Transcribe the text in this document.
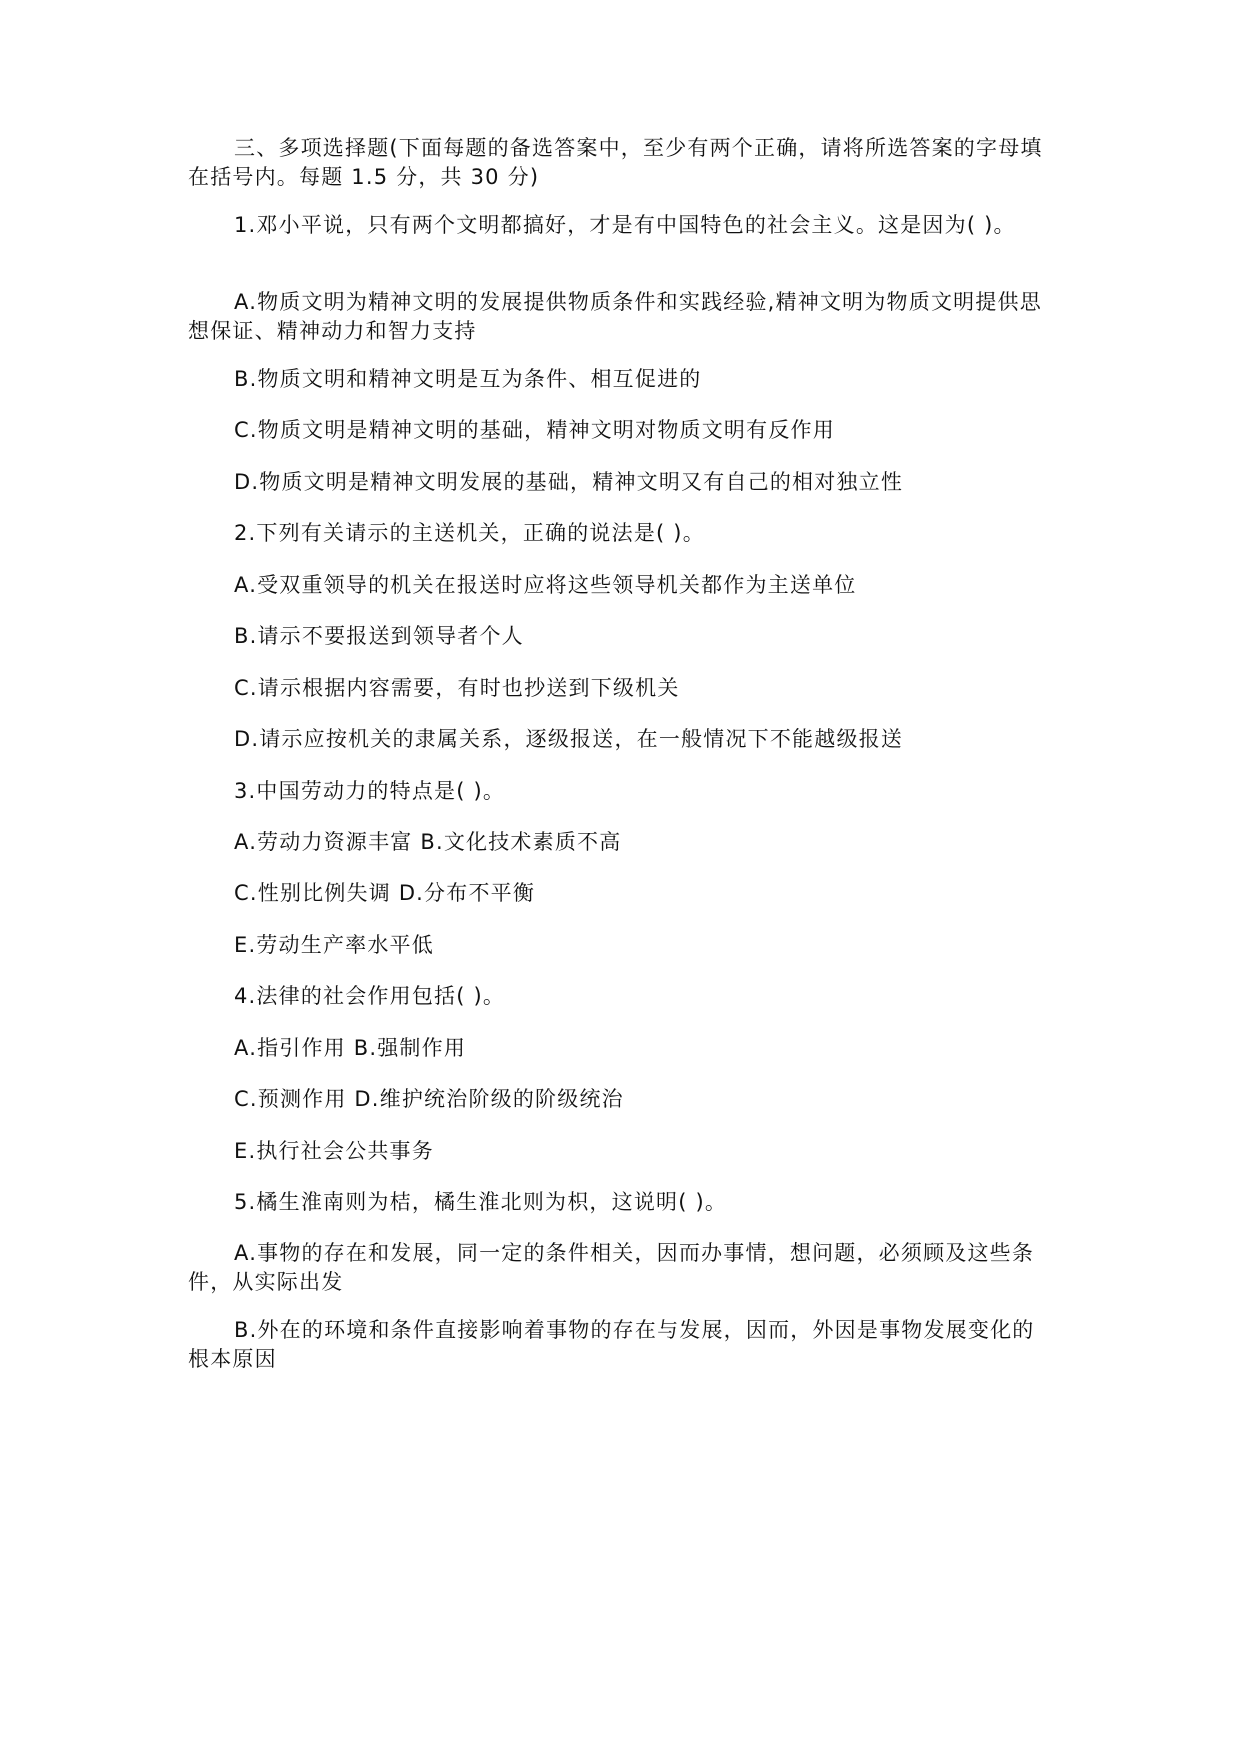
三、多项选择题(下面每题的备选答案中，至少有两个正确，请将所选答案的字母填在括号内。每题 1.5 分，共 30 分)

1.邓小平说，只有两个文明都搞好，才是有中国特色的社会主义。这是因为( )。

A.物质文明为精神文明的发展提供物质条件和实践经验,精神文明为物质文明提供思想保证、精神动力和智力支持

B.物质文明和精神文明是互为条件、相互促进的

C.物质文明是精神文明的基础，精神文明对物质文明有反作用

D.物质文明是精神文明发展的基础，精神文明又有自己的相对独立性

2.下列有关请示的主送机关，正确的说法是( )。

A.受双重领导的机关在报送时应将这些领导机关都作为主送单位

B.请示不要报送到领导者个人

C.请示根据内容需要，有时也抄送到下级机关

D.请示应按机关的隶属关系，逐级报送，在一般情况下不能越级报送

3.中国劳动力的特点是( )。

A.劳动力资源丰富 B.文化技术素质不高

C.性别比例失调 D.分布不平衡

E.劳动生产率水平低

4.法律的社会作用包括( )。

A.指引作用 B.强制作用

C.预测作用 D.维护统治阶级的阶级统治

E.执行社会公共事务

5.橘生淮南则为桔，橘生淮北则为枳，这说明( )。

A.事物的存在和发展，同一定的条件相关，因而办事情，想问题，必须顾及这些条件，从实际出发

B.外在的环境和条件直接影响着事物的存在与发展，因而，外因是事物发展变化的根本原因
